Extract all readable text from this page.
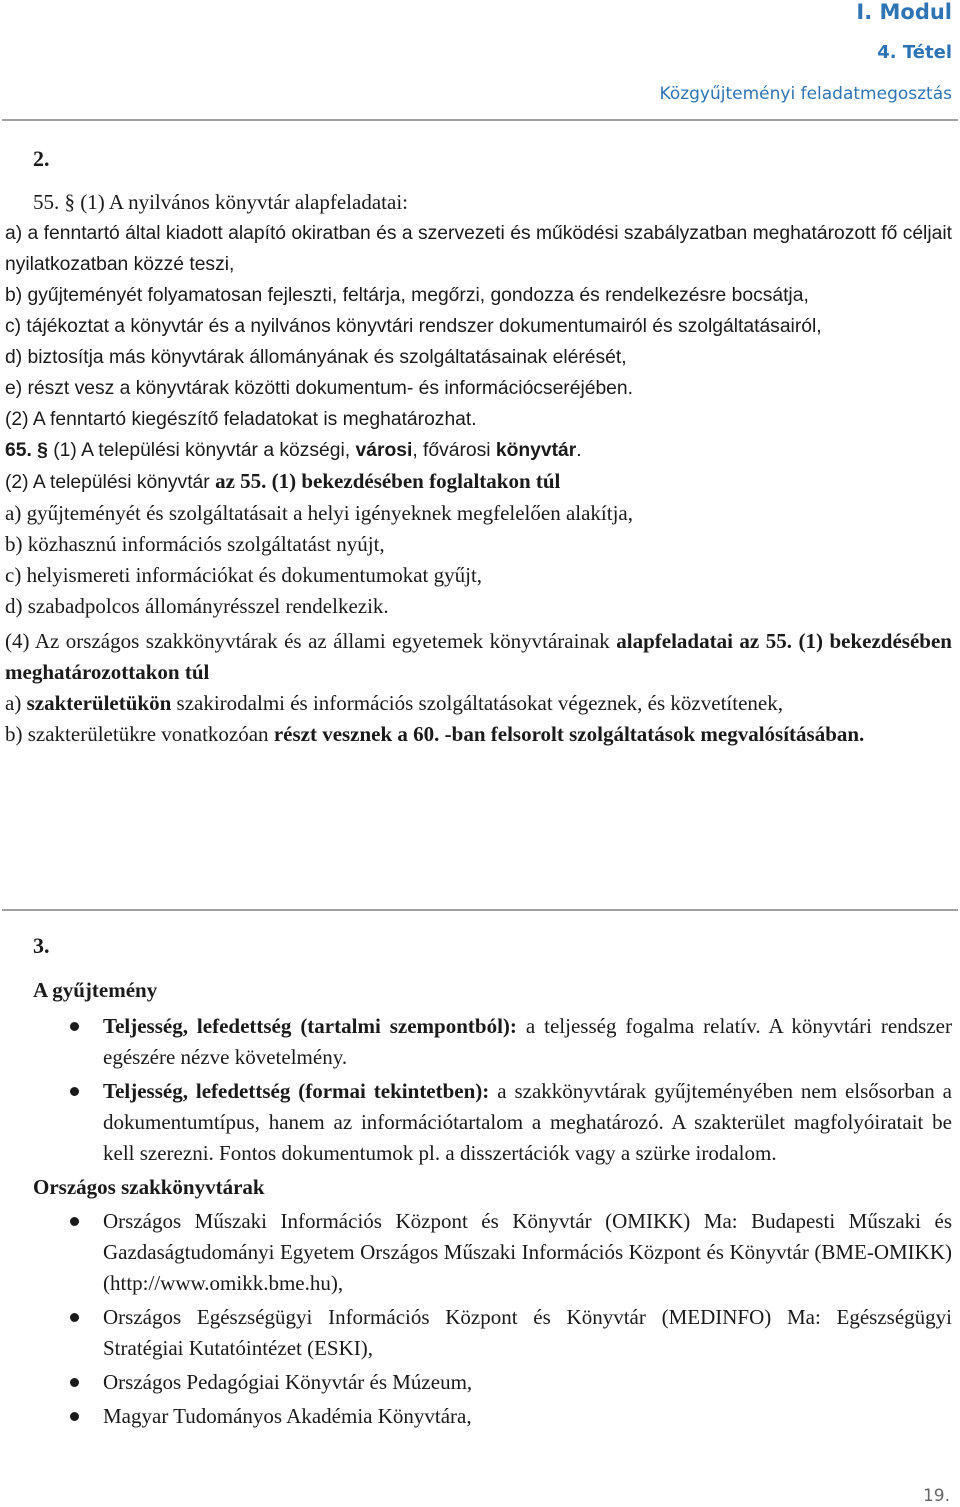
I. Modul
4. Tétel
Közgyűjteményi feladatmegosztás
2.

55. § (1) A nyilvános könyvtár alapfeladatai:

a) a fenntartó által kiadott alapító okiratban és a szervezeti és működési szabályzatban meghatározott fő céljait nyilatkozatban közzé teszi,

b) gyűjteményét folyamatosan fejleszti, feltárja, megőrzi, gondozza és rendelkezésre bocsátja,

c) tájékoztat a könyvtár és a nyilvános könyvtári rendszer dokumentumairól és szolgáltatásairól,

d) biztosítja más könyvtárak állományának és szolgáltatásainak elérését,

e) részt vesz a könyvtárak közötti dokumentum- és információcseréjében.

(2) A fenntartó kiegészítő feladatokat is meghatározhat.

65. § (1) A települési könyvtár a községi, városi, fővárosi könyvtár.

(2) A települési könyvtár az 55. (1) bekezdésében foglaltakon túl

a) gyűjteményét és szolgáltatásait a helyi igényeknek megfelelően alakítja,

b) közhasznú információs szolgáltatást nyújt,

c) helyismereti információkat és dokumentumokat gyűjt,

d) szabadpolcos állományrésszel rendelkezik.

(4) Az országos szakkönyvtárak és az állami egyetemek könyvtárainak alapfeladatai az 55. (1) bekezdésében meghatározottakon túl

a) szakterületükön szakirodalmi és információs szolgáltatásokat végeznek, és közvetítenek,

b) szakterületükre vonatkozóan részt vesznek a 60. -ban felsorolt szolgáltatások megvalósításában.

3.
A gyűjtemény
Teljesség, lefedettség (tartalmi szempontból): a teljesség fogalma relatív. A könyvtári rendszer egészére nézve követelmény.
Teljesség, lefedettség (formai tekintetben): a szakkönyvtárak gyűjteményében nem elsősorban a dokumentumtípus, hanem az információtartalom a meghatározó. A szakterület magfolyóiratait be kell szerezni. Fontos dokumentumok pl. a disszertációk vagy a szürke irodalom.
Országos szakkönyvtárak
Országos Műszaki Információs Központ és Könyvtár (OMIKK) Ma: Budapesti Műszaki és Gazdaságtudományi Egyetem Országos Műszaki Információs Központ és Könyvtár (BME-OMIKK) (http://www.omikk.bme.hu),
Országos Egészségügyi Információs Központ és Könyvtár (MEDINFO) Ma: Egészségügyi Stratégiai Kutatóintézet (ESKI),
Országos Pedagógiai Könyvtár és Múzeum,
Magyar Tudományos Akadémia Könyvtára,
19.
